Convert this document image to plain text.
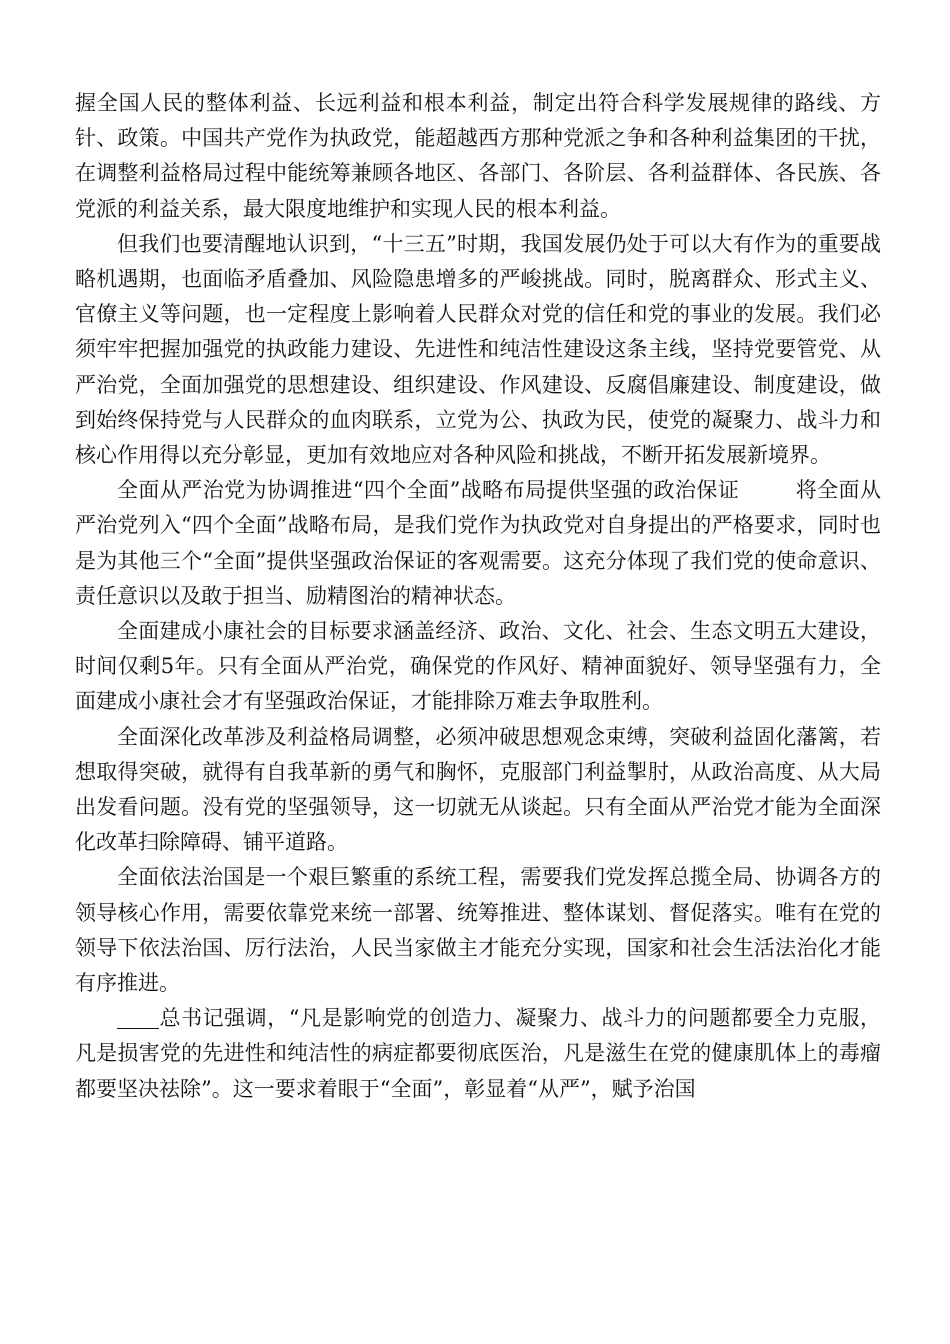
握全国人民的整体利益、长远利益和根本利益，制定出符合科学发展规律的路线、方针、政策。中国共产党作为执政党，能超越西方那种党派之争和各种利益集团的干扰，在调整利益格局过程中能统筹兼顾各地区、各部门、各阶层、各利益群体、各民族、各党派的利益关系，最大限度地维护和实现人民的根本利益。

但我们也要清醒地认识到，“十三五”时期，我国发展仍处于可以大有作为的重要战略机遇期，也面临矛盾叠加、风险隐患增多的严峻挑战。同时，脱离群众、形式主义、官僚主义等问题，也一定程度上影响着人民群众对党的信任和党的事业的发展。我们必须牢牢把握加强党的执政能力建设、先进性和纯洁性建设这条主线，坚持党要管党、从严治党，全面加强党的思想建设、组织建设、作风建设、反腐倡廉建设、制度建设，做到始终保持党与人民群众的血肉联系，立党为公、执政为民，使党的凝聚力、战斗力和核心作用得以充分彰显，更加有效地应对各种风险和挑战，不断开拓发展新境界。

全面从严治党为协调推进“四个全面”战略布局提供坚强的政治保证	将全面从严治党列入“四个全面”战略布局，是我们党作为执政党对自身提出的严格要求，同时也是为其他三个“全面”提供坚强政治保证的客观需要。这充分体现了我们党的使命意识、责任意识以及敢于担当、励精图治的精神状态。

全面建成小康社会的目标要求涵盖经济、政治、文化、社会、生态文明五大建设，时间仅剩5年。只有全面从严治党，确保党的作风好、精神面貌好、领导坚强有力，全面建成小康社会才有坚强政治保证，才能排除万难去争取胜利。

全面深化改革涉及利益格局调整，必须冲破思想观念束缚，突破利益固化藩篱，若想取得突破，就得有自我革新的勇气和胸怀，克服部门利益掣肘，从政治高度、从大局出发看问题。没有党的坚强领导，这一切就无从谈起。只有全面从严治党才能为全面深化改革扫除障碍、铺平道路。

全面依法治国是一个艰巨繁重的系统工程，需要我们党发挥总揽全局、协调各方的领导核心作用，需要依靠党来统一部署、统筹推进、整体谋划、督促落实。唯有在党的领导下依法治国、厉行法治，人民当家做主才能充分实现，国家和社会生活法治化才能有序推进。

总书记强调，“凡是影响党的创造力、凝聚力、战斗力的问题都要全力克服，凡是损害党的先进性和纯洁性的病症都要彻底医治，凡是滋生在党的健康肌体上的毒瘤都要坚决祛除”。这一要求着眼于“全面”，彰显着“从严”，赋予治国
